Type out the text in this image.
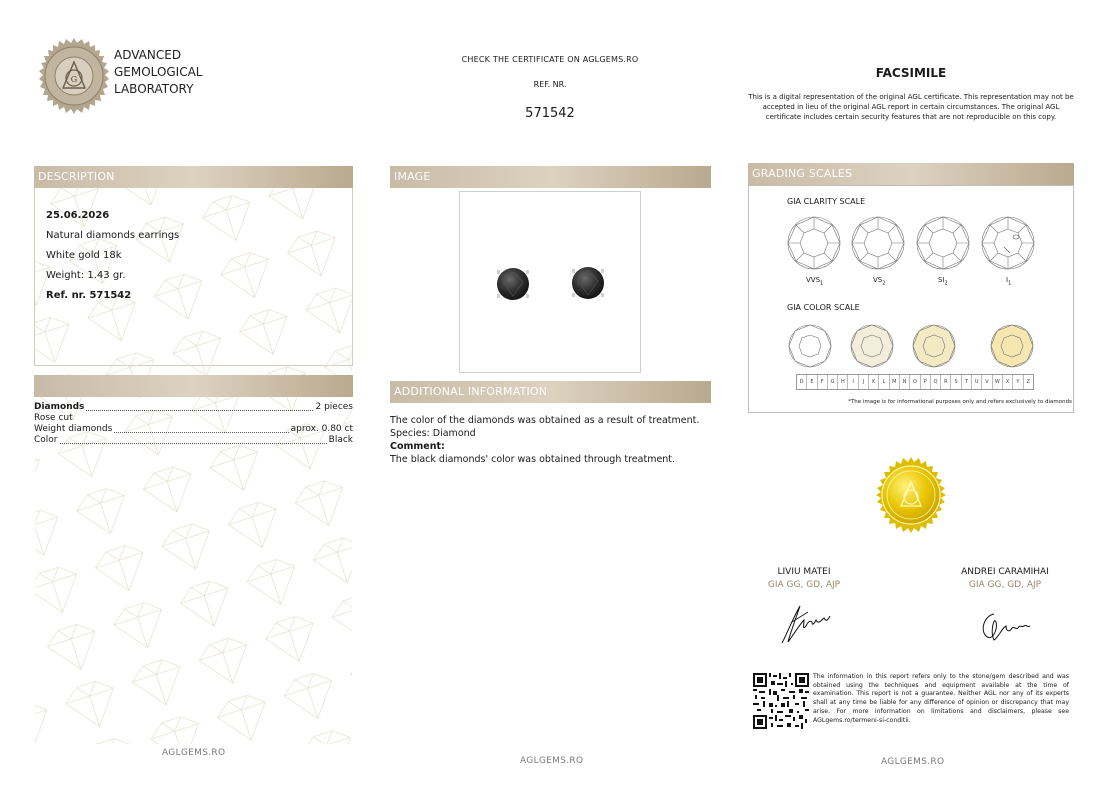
G
ADVANCED
GEMOLOGICAL
LABORATORY
CHECK THE CERTIFICATE ON AGLGEMS.RO
REF. NR.
571542
FACSIMILE
This is a digital representation of the original AGL certificate. This representation may not be accepted in lieu of the original AGL report in certain circumstances. The original AGL certificate includes certain security features that are not reproducible on this copy.
DESCRIPTION
25.06.2026
Natural diamonds earrings
White gold 18k
Weight: 1.43 gr.
Ref. nr. 571542
Diamonds	2 pieces
Rose cut
Weight diamonds	aprox. 0.80 ct
Color	Black
AGLGEMS.RO
IMAGE
ADDITIONAL INFORMATION
The color of the diamonds was obtained as a result of treatment.
Species: Diamond
Comment:
The black diamonds' color was obtained through treatment.
AGLGEMS.RO
GRADING SCALES
GIA CLARITY SCALE
$VVS_1$	$VS_2$	$SI_2$	$I_1$
GIA COLOR SCALE
D	E	F	G	H	I	J	K	L	M	N	O	P	Q	R	S	T	U	V	W	X	Y	Z
*The image is for informational purposes only and refers exclusively to diamonds
LIVIU MATEI
GIA GG, GD, AJP
ANDREI CARAMIHAI
GIA GG, GD, AJP
The information in this report refers only to the stone/gem described and was obtained using the techniques and equipment available at the time of examination. This report is not a guarantee. Neither AGL nor any of its experts shall at any time be liable for any difference of opinion or discrepancy that may arise. For more information on limitations and disclaimers, please see AGLgems.ro/termeni-si-conditii.
AGLGEMS.RO
